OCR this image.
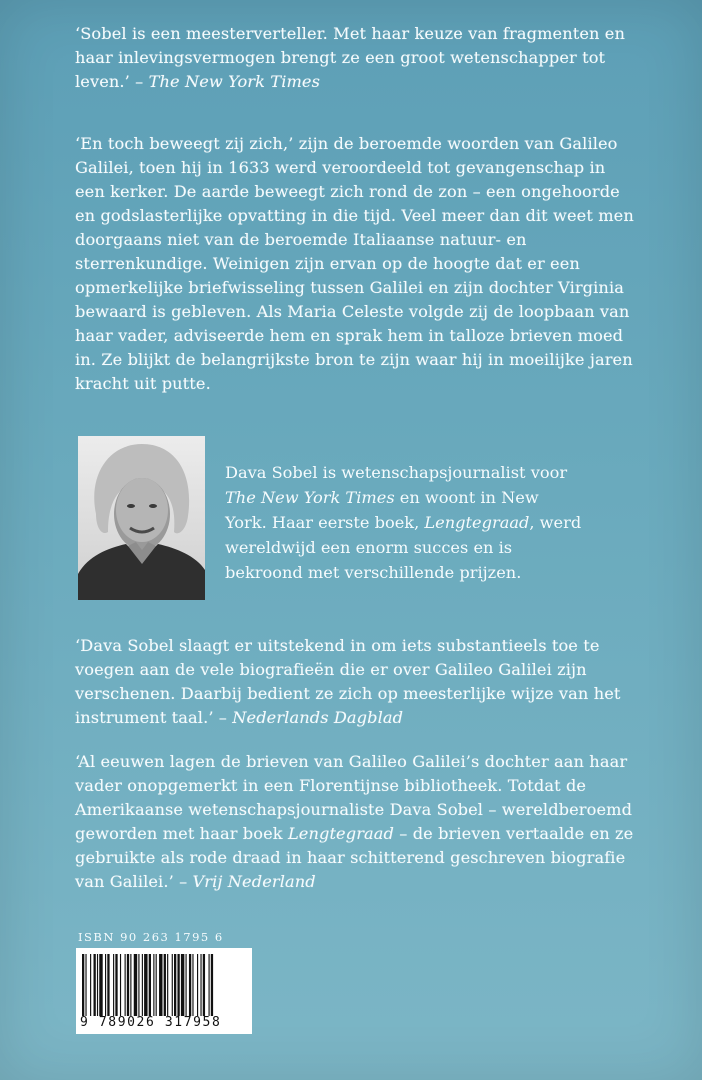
‘Sobel is een meesterverteller. Met haar keuze van fragmenten en haar inlevingsvermogen brengt ze een groot wetenschapper tot leven.’ – The New York Times

‘En toch beweegt zij zich,’ zijn de beroemde woorden van Galileo Galilei, toen hij in 1633 werd veroordeeld tot gevangenschap in een kerker. De aarde beweegt zich rond de zon – een ongehoorde en godslasterlijke opvatting in die tijd. Veel meer dan dit weet men doorgaans niet van de beroemde Italiaanse natuur- en sterrenkundige. Weinigen zijn ervan op de hoogte dat er een opmerkelijke briefwisseling tussen Galilei en zijn dochter Virginia bewaard is gebleven. Als Maria Celeste volgde zij de loopbaan van haar vader, adviseerde hem en sprak hem in talloze brieven moed in. Ze blijkt de belangrijkste bron te zijn waar hij in moeilijke jaren kracht uit putte.

Dava Sobel is wetenschapsjournalist voor The New York Times en woont in New York. Haar eerste boek, Lengtegraad, werd wereldwijd een enorm succes en is bekroond met verschillende prijzen.

‘Dava Sobel slaagt er uitstekend in om iets substantieels toe te voegen aan de vele biografieën die er over Galileo Galilei zijn verschenen. Daarbij bedient ze zich op meesterlijke wijze van het instrument taal.’ – Nederlands Dagblad

‘Al eeuwen lagen de brieven van Galileo Galilei’s dochter aan haar vader onopgemerkt in een Florentijnse bibliotheek. Totdat de Amerikaanse wetenschapsjournaliste Dava Sobel – wereldberoemd geworden met haar boek Lengtegraad – de brieven vertaalde en ze gebruikte als rode draad in haar schitterend geschreven biografie van Galilei.’ – Vrij Nederland

ISBN 90 263 1795 6
9 789026 317958
